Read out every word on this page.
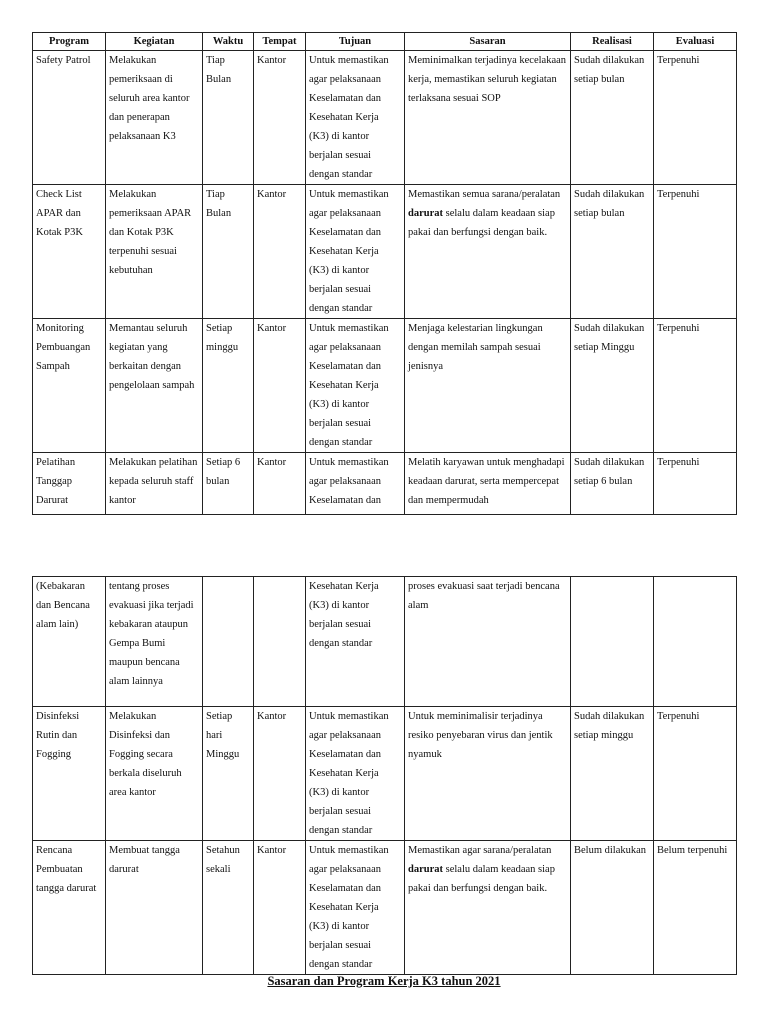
Program	Kegiatan	Waktu	Tempat	Tujuan	Sasaran	Realisasi	Evaluasi
Safety Patrol	Melakukan pemeriksaan di seluruh area kantor dan penerapan pelaksanaan K3	Tiap Bulan	Kantor	Untuk memastikan agar pelaksanaan Keselamatan dan Kesehatan Kerja (K3) di kantor berjalan sesuai dengan standar	Meminimalkan terjadinya kecelakaan kerja, memastikan seluruh kegiatan terlaksana sesuai SOP	Sudah dilakukan setiap bulan	Terpenuhi
Check List APAR dan Kotak P3K	Melakukan pemeriksaan APAR dan Kotak P3K terpenuhi sesuai kebutuhan	Tiap Bulan	Kantor	Untuk memastikan agar pelaksanaan Keselamatan dan Kesehatan Kerja (K3) di kantor berjalan sesuai dengan standar	Memastikan semua sarana/peralatan darurat selalu dalam keadaan siap pakai dan berfungsi dengan baik.	Sudah dilakukan setiap bulan	Terpenuhi
Monitoring Pembuangan Sampah	Memantau seluruh kegiatan yang berkaitan dengan pengelolaan sampah	Setiap minggu	Kantor	Untuk memastikan agar pelaksanaan Keselamatan dan Kesehatan Kerja (K3) di kantor berjalan sesuai dengan standar	Menjaga kelestarian lingkungan dengan memilah sampah sesuai jenisnya	Sudah dilakukan setiap Minggu	Terpenuhi
Pelatihan Tanggap Darurat	Melakukan pelatihan kepada seluruh staff kantor	Setiap 6 bulan	Kantor	Untuk memastikan agar pelaksanaan Keselamatan dan	Melatih karyawan untuk menghadapi keadaan darurat, serta mempercepat dan mempermudah	Sudah dilakukan setiap 6 bulan	Terpenuhi
(Kebakaran dan Bencana alam lain)	tentang proses evakuasi jika terjadi kebakaran ataupun Gempa Bumi maupun bencana alam lainnya			Kesehatan Kerja (K3) di kantor berjalan sesuai dengan standar	proses evakuasi saat terjadi bencana alam		
Disinfeksi Rutin dan Fogging	Melakukan Disinfeksi dan Fogging secara berkala diseluruh area kantor	Setiap hari Minggu	Kantor	Untuk memastikan agar pelaksanaan Keselamatan dan Kesehatan Kerja (K3) di kantor berjalan sesuai dengan standar	Untuk meminimalisir terjadinya resiko penyebaran virus dan jentik nyamuk	Sudah dilakukan setiap minggu	Terpenuhi
Rencana Pembuatan tangga darurat	Membuat tangga darurat	Setahun sekali	Kantor	Untuk memastikan agar pelaksanaan Keselamatan dan Kesehatan Kerja (K3) di kantor berjalan sesuai dengan standar	Memastikan agar sarana/peralatan darurat selalu dalam keadaan siap pakai dan berfungsi dengan baik.	Belum dilakukan	Belum terpenuhi
Sasaran dan Program Kerja K3 tahun 2021
